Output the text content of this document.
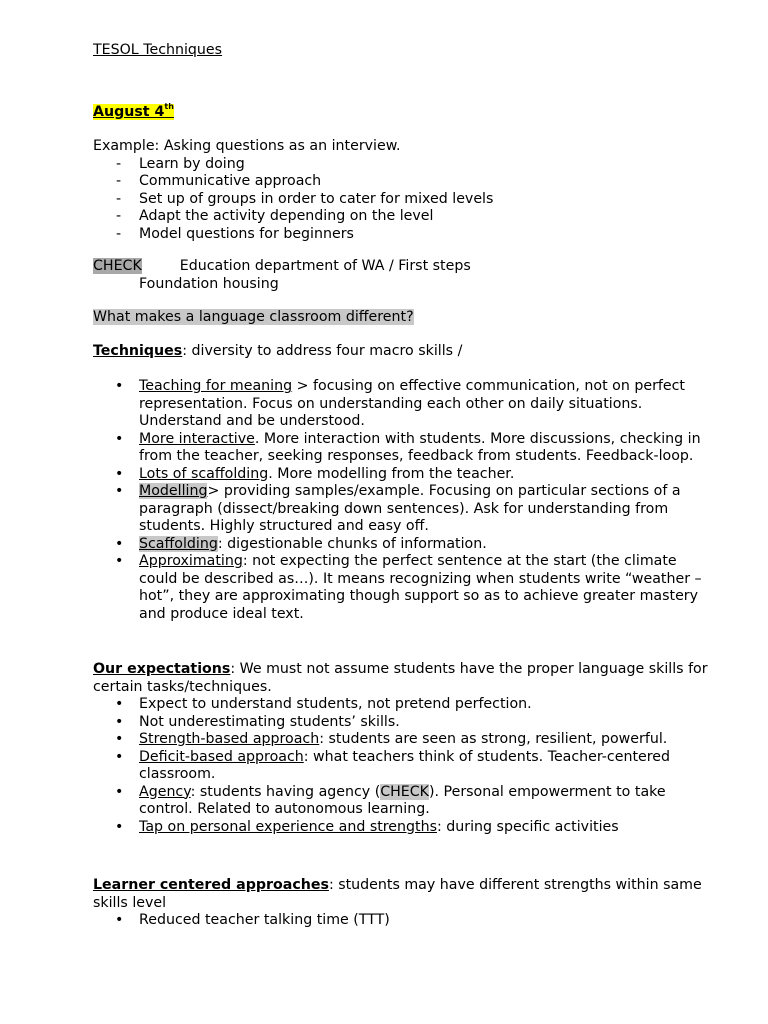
TESOL Techniques

August 4th

Example: Asking questions as an interview.
- Learn by doing
- Communicative approach
- Set up of groups in order to cater for mixed levels
- Adapt the activity depending on the level
- Model questions for beginners
CHECK	Education department of WA / First steps
Foundation housing

What makes a language classroom different?

Techniques: diversity to address four macro skills /

• Teaching for meaning > focusing on effective communication, not on perfect representation. Focus on understanding each other on daily situations. Understand and be understood.
• More interactive. More interaction with students. More discussions, checking in from the teacher, seeking responses, feedback from students. Feedback-loop.
• Lots of scaffolding. More modelling from the teacher.
• Modelling> providing samples/example. Focusing on particular sections of a paragraph (dissect/breaking down sentences). Ask for understanding from students. Highly structured and easy off.
• Scaffolding: digestionable chunks of information.
• Approximating: not expecting the perfect sentence at the start (the climate could be described as…). It means recognizing when students write “weather – hot”, they are approximating though support so as to achieve greater mastery and produce ideal text.

Our expectations: We must not assume students have the proper language skills for certain tasks/techniques.

• Expect to understand students, not pretend perfection.
• Not underestimating students’ skills.
• Strength-based approach: students are seen as strong, resilient, powerful.
• Deficit-based approach: what teachers think of students. Teacher-centered classroom.
• Agency: students having agency (CHECK). Personal empowerment to take control. Related to autonomous learning.
• Tap on personal experience and strengths: during specific activities

Learner centered approaches: students may have different strengths within same skills level

• Reduced teacher talking time (TTT)
